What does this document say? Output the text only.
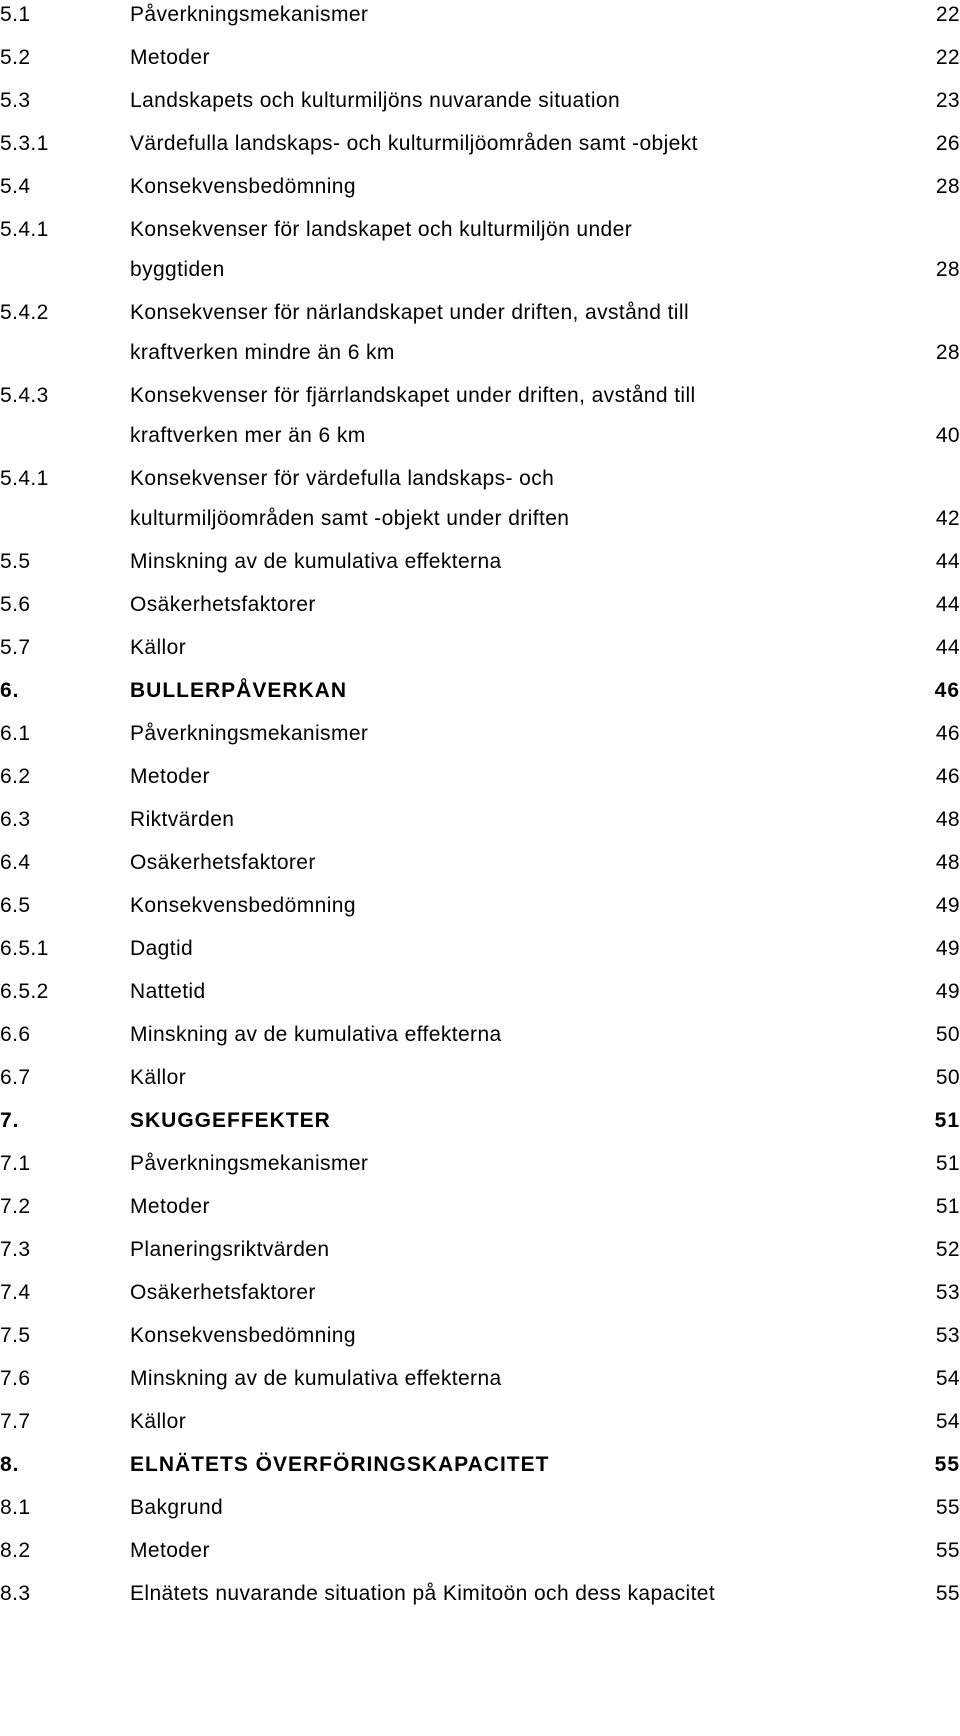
5.1	Påverkningsmekanismer	22
5.2	Metoder	22
5.3	Landskapets och kulturmiljöns nuvarande situation	23
5.3.1	Värdefulla landskaps- och kulturmiljöområden samt -objekt	26
5.4	Konsekvensbedömning	28
5.4.1	Konsekvenser för landskapet och kulturmiljön under
byggtiden	28
5.4.2	Konsekvenser för närlandskapet under driften, avstånd till
kraftverken mindre än 6 km	28
5.4.3	Konsekvenser för fjärrlandskapet under driften, avstånd till
kraftverken mer än 6 km	40
5.4.1	Konsekvenser för värdefulla landskaps- och
kulturmiljöområden samt -objekt under driften	42
5.5	Minskning av de kumulativa effekterna	44
5.6	Osäkerhetsfaktorer	44
5.7	Källor	44
6.	BULLERPÅVERKAN	46
6.1	Påverkningsmekanismer	46
6.2	Metoder	46
6.3	Riktvärden	48
6.4	Osäkerhetsfaktorer	48
6.5	Konsekvensbedömning	49
6.5.1	Dagtid	49
6.5.2	Nattetid	49
6.6	Minskning av de kumulativa effekterna	50
6.7	Källor	50
7.	SKUGGEFFEKTER	51
7.1	Påverkningsmekanismer	51
7.2	Metoder	51
7.3	Planeringsriktvärden	52
7.4	Osäkerhetsfaktorer	53
7.5	Konsekvensbedömning	53
7.6	Minskning av de kumulativa effekterna	54
7.7	Källor	54
8.	ELNÄTETS ÖVERFÖRINGSKAPACITET	55
8.1	Bakgrund	55
8.2	Metoder	55
8.3	Elnätets nuvarande situation på Kimitoön och dess kapacitet	55
